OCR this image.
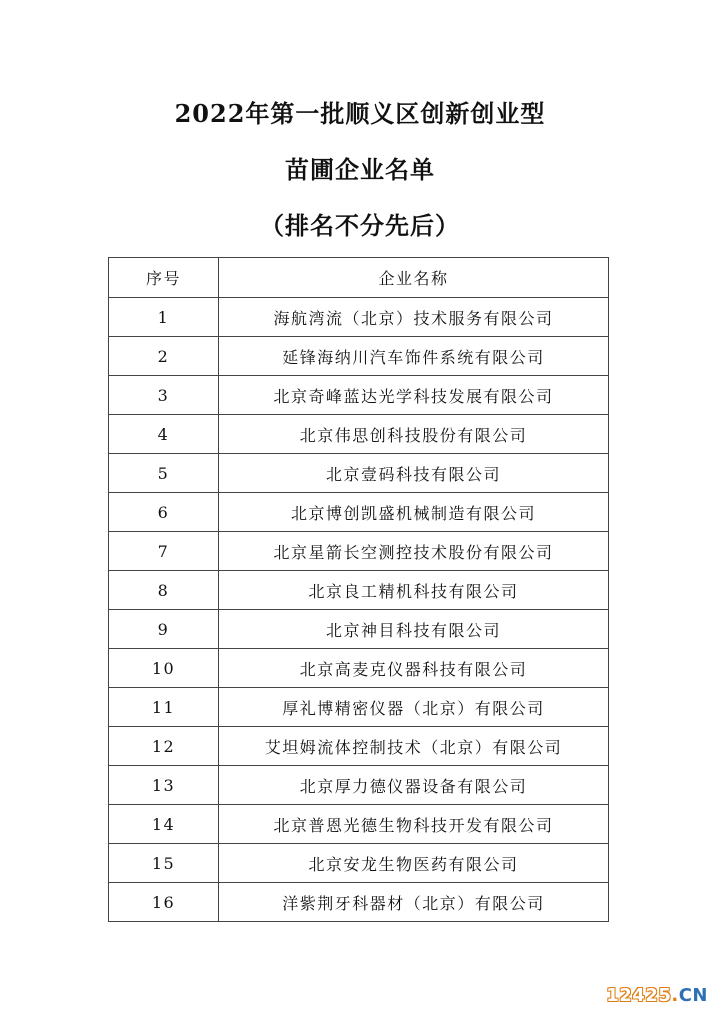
2022年第一批顺义区创新创业型
苗圃企业名单
（排名不分先后）
序号	企业名称
1	海航湾流（北京）技术服务有限公司
2	延锋海纳川汽车饰件系统有限公司
3	北京奇峰蓝达光学科技发展有限公司
4	北京伟思创科技股份有限公司
5	北京壹码科技有限公司
6	北京博创凯盛机械制造有限公司
7	北京星箭长空测控技术股份有限公司
8	北京良工精机科技有限公司
9	北京神目科技有限公司
10	北京高麦克仪器科技有限公司
11	厚礼博精密仪器（北京）有限公司
12	艾坦姆流体控制技术（北京）有限公司
13	北京厚力德仪器设备有限公司
14	北京普恩光德生物科技开发有限公司
15	北京安龙生物医药有限公司
16	洋紫荆牙科器材（北京）有限公司
12425.CN
